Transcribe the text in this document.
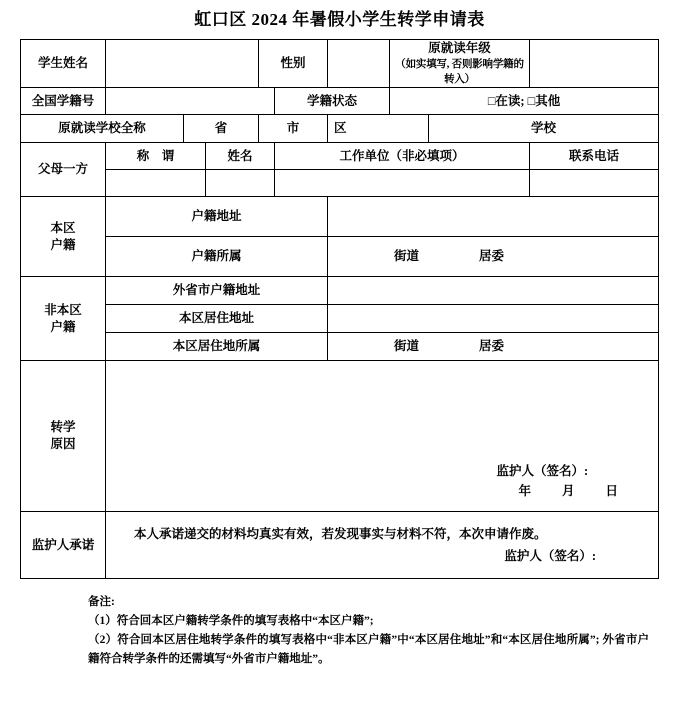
虹口区 2024 年暑假小学生转学申请表
学生姓名				性别			原就读年级
（如实填写, 否则影响学籍的转入）		

全国学籍号					学籍状态		□在读; □其他		
原就读学校全称		省		市		区		学校	
父母一方	称　谓		姓名		工作单位（非必填项）				联系电话

本区
户籍	户籍地址								
	户籍所属					街道 居委			

非本区
户籍	外省市户籍地址								
	本区居住地址								
	本区居住地所属					街道 居委			

转学
原因

监护人（签名）:
年　　月　　日

监护人承诺	本人承诺递交的材料均真实有效，若发现事实与材料不符，本次申请作废。
监护人（签名）:								
备注:
（1）符合回本区户籍转学条件的填写表格中“本区户籍”;
（2）符合回本区居住地转学条件的填写表格中“非本区户籍”中“本区居住地址”和“本区居住地所属”; 外省市户籍符合转学条件的还需填写“外省市户籍地址”。
